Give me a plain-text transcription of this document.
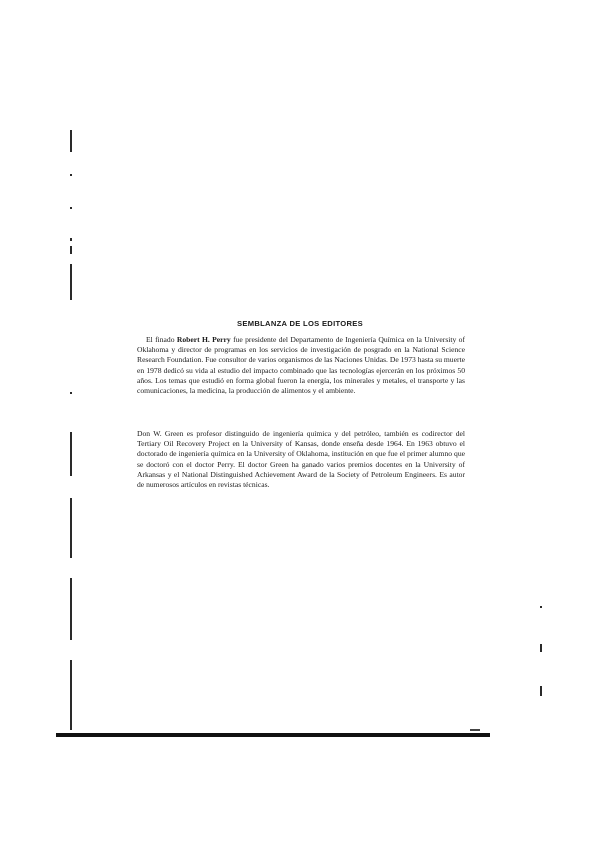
SEMBLANZA DE LOS EDITORES

El finado Robert H. Perry fue presidente del Departamento de Ingeniería Química en la University of Oklahoma y director de programas en los servicios de investigación de posgrado en la National Science Research Foundation. Fue consultor de varios organismos de las Naciones Unidas. De 1973 hasta su muerte en 1978 dedicó su vida al estudio del impacto combinado que las tecnologías ejercerán en los próximos 50 años. Los temas que estudió en forma global fueron la energía, los minerales y metales, el transporte y las comunicaciones, la medicina, la producción de alimentos y el ambiente.

Don W. Green es profesor distinguido de ingeniería química y del petróleo, también es codirector del Tertiary Oil Recovery Project en la University of Kansas, donde enseña desde 1964. En 1963 obtuvo el doctorado de ingeniería química en la University of Oklahoma, institución en que fue el primer alumno que se doctoró con el doctor Perry. El doctor Green ha ganado varios premios docentes en la University of Arkansas y el National Distinguished Achievement Award de la Society of Petroleum Engineers. Es autor de numerosos artículos en revistas técnicas.
